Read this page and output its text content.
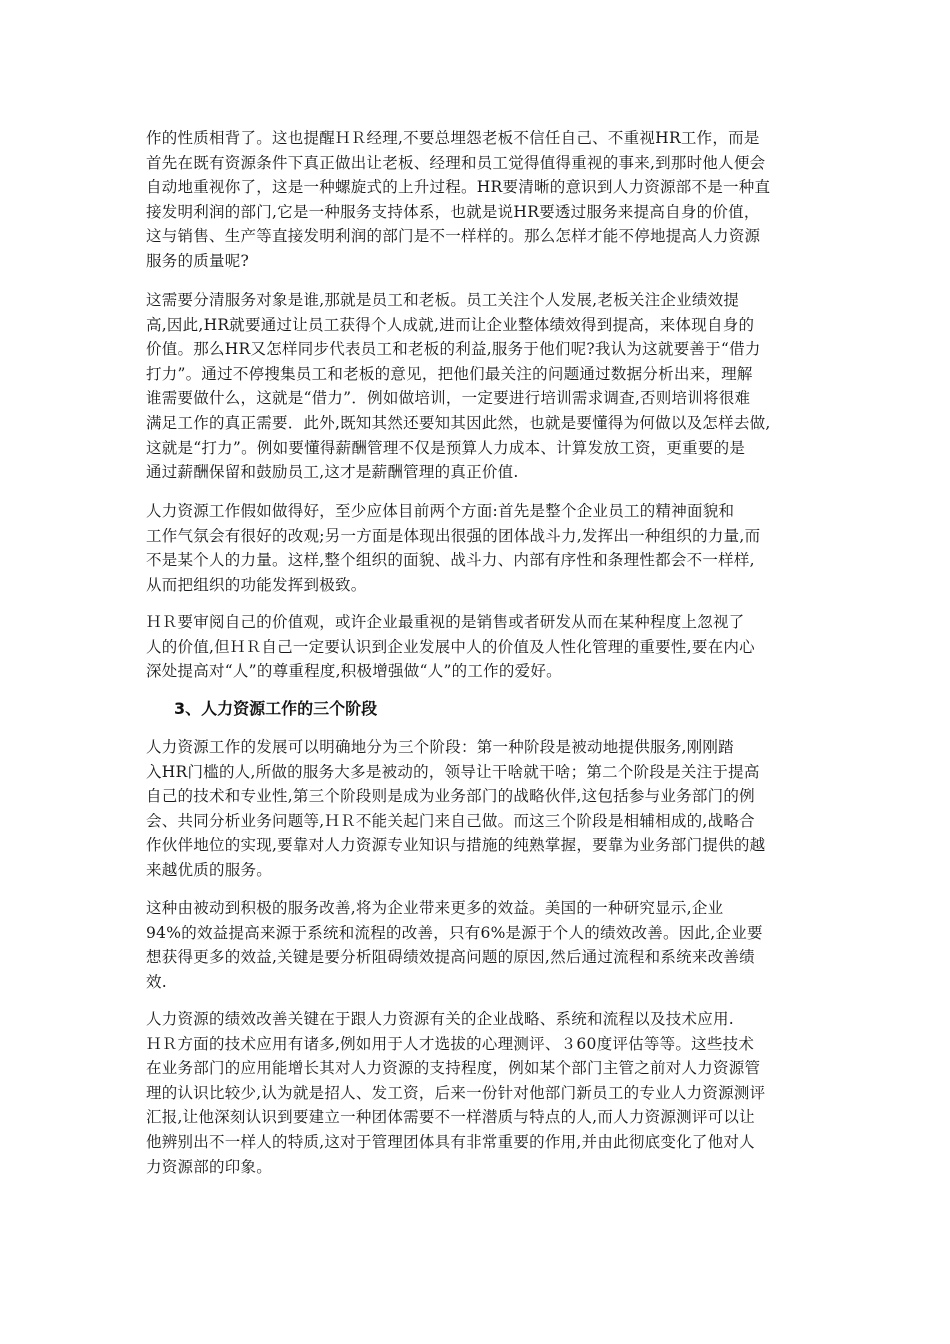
作的性质相背了。这也提醒ＨＲ经理,不要总埋怨老板不信任自己、不重视HR工作，而是
首先在既有资源条件下真正做出让老板、经理和员工觉得值得重视的事来,到那时他人便会
自动地重视你了，这是一种螺旋式的上升过程。HR要清晰的意识到人力资源部不是一种直
接发明利润的部门,它是一种服务支持体系，也就是说HR要透过服务来提高自身的价值，
这与销售、生产等直接发明利润的部门是不一样样的。那么怎样才能不停地提高人力资源
服务的质量呢?
这需要分清服务对象是谁,那就是员工和老板。员工关注个人发展,老板关注企业绩效提
高,因此,HR就要通过让员工获得个人成就,进而让企业整体绩效得到提高，来体现自身的
价值。那么HR又怎样同步代表员工和老板的利益,服务于他们呢?我认为这就要善于“借力
打力”。通过不停搜集员工和老板的意见，把他们最关注的问题通过数据分析出来，理解
谁需要做什么，这就是“借力”．例如做培训，一定要进行培训需求调查,否则培训将很难
满足工作的真正需要．此外,既知其然还要知其因此然，也就是要懂得为何做以及怎样去做,
这就是“打力”。例如要懂得薪酬管理不仅是预算人力成本、计算发放工资，更重要的是
通过薪酬保留和鼓励员工,这才是薪酬管理的真正价值.
人力资源工作假如做得好，至少应体目前两个方面:首先是整个企业员工的精神面貌和
工作气氛会有很好的改观;另一方面是体现出很强的团体战斗力,发挥出一种组织的力量,而
不是某个人的力量。这样,整个组织的面貌、战斗力、内部有序性和条理性都会不一样样,
从而把组织的功能发挥到极致。
ＨＲ要审阅自己的价值观，或许企业最重视的是销售或者研发从而在某种程度上忽视了
人的价值,但ＨＲ自己一定要认识到企业发展中人的价值及人性化管理的重要性,要在内心
深处提高对“人”的尊重程度,积极增强做“人”的工作的爱好。
3、人力资源工作的三个阶段
人力资源工作的发展可以明确地分为三个阶段：第一种阶段是被动地提供服务,刚刚踏
入HR门槛的人,所做的服务大多是被动的，领导让干啥就干啥；第二个阶段是关注于提高
自己的技术和专业性,第三个阶段则是成为业务部门的战略伙伴,这包括参与业务部门的例
会、共同分析业务问题等,ＨＲ不能关起门来自己做。而这三个阶段是相辅相成的,战略合
作伙伴地位的实现,要靠对人力资源专业知识与措施的纯熟掌握，要靠为业务部门提供的越
来越优质的服务。
这种由被动到积极的服务改善,将为企业带来更多的效益。美国的一种研究显示,企业
94%的效益提高来源于系统和流程的改善，只有6%是源于个人的绩效改善。因此,企业要
想获得更多的效益,关键是要分析阻碍绩效提高问题的原因,然后通过流程和系统来改善绩
效.
人力资源的绩效改善关键在于跟人力资源有关的企业战略、系统和流程以及技术应用.
ＨＲ方面的技术应用有诸多,例如用于人才选拔的心理测评、３60度评估等等。这些技术
在业务部门的应用能增长其对人力资源的支持程度，例如某个部门主管之前对人力资源管
理的认识比较少,认为就是招人、发工资，后来一份针对他部门新员工的专业人力资源测评
汇报,让他深刻认识到要建立一种团体需要不一样潜质与特点的人,而人力资源测评可以让
他辨别出不一样人的特质,这对于管理团体具有非常重要的作用,并由此彻底变化了他对人
力资源部的印象。
